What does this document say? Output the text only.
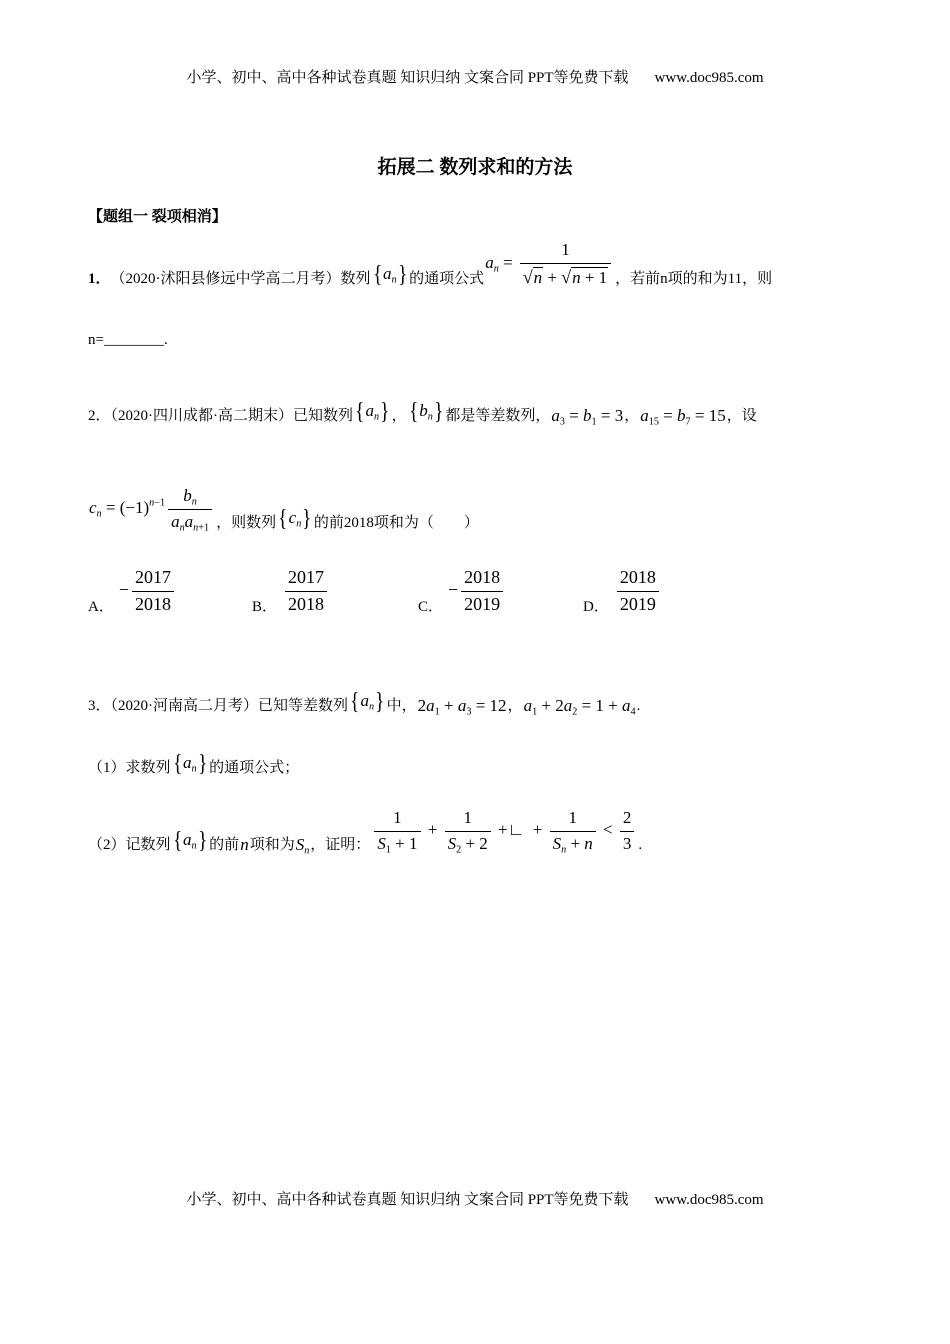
小学、初中、高中各种试卷真题 知识归纳 文案合同 PPT等免费下载 www.doc985.com
拓展二 数列求和的方法
【题组一 裂项相消】
1． （2020·沭阳县修远中学高二月考）数列 $\{a_n\}$ 的通项公式
$a_n = \frac{1}{√ n + √ n + 1}$ ，若前n项的和为11，则
n=________.
2．（2020·四川成都·高二期末）已知数列 $\{a_n\}$ ， $\{b_n\}$ 都是等差数列， $a_3 = b_1 = 3$ ， $a_{15} = b_7 = 15$ ，设
$c_n = (-1)^{n-1} \frac{b_n}{a_na_{n+1}}$ ，则数列 $\{c_n\}$ 的前2018项和为（　　）
A．
− $\frac{2017}{2018}$	B． $\frac{2017}{2018}$	C．
− $\frac{2018}{2019}$	D． $\frac{2018}{2019}$
3．（2020·河南高二月考）已知等差数列 $\{a_n\}$ 中， $2a_1 + a_3 = 12$ ， $a_1 + 2a_2 = 1 + a_4$ .
（1）求数列 $\{a_n\}$ 的通项公式；
（2）记数列 $\{a_n\}$ 的前 n 项和为 $S_n$ ，证明： $\frac{1}{S_1 + 1} + \frac{1}{S_2 + 2}$ +∟  + $\frac{1}{S_n + n} < \frac{2}{3}$ .
小学、初中、高中各种试卷真题 知识归纳 文案合同 PPT等免费下载 www.doc985.com
